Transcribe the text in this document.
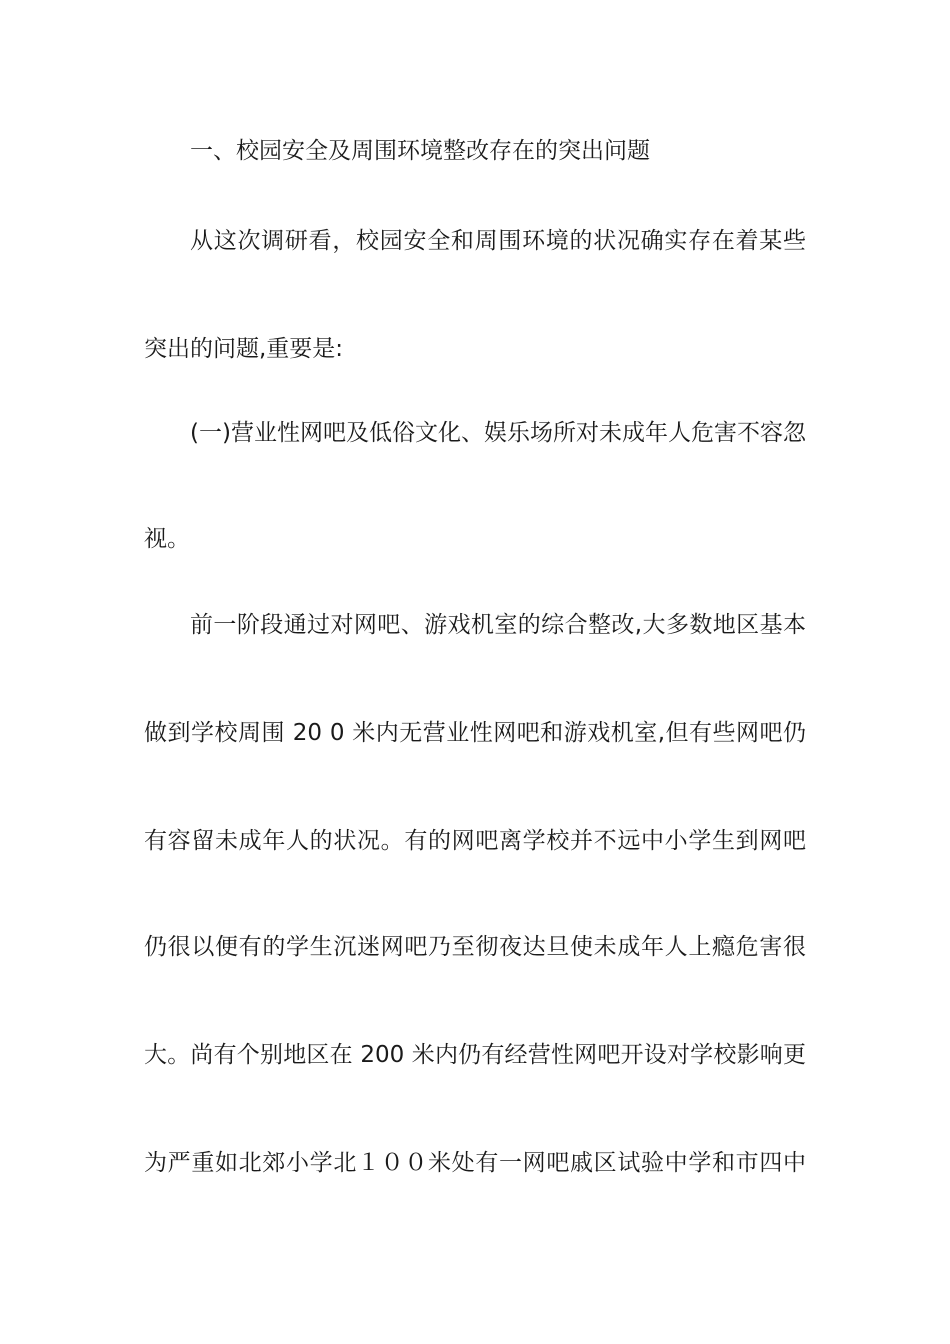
一、校园安全及周围环境整改存在的突出问题
从这次调研看，校园安全和周围环境的状况确实存在着某些
突出的问题,重要是:
(一)营业性网吧及低俗文化、娱乐场所对未成年人危害不容忽
视。
前一阶段通过对网吧、游戏机室的综合整改,大多数地区基本
做到学校周围 20 0 米内无营业性网吧和游戏机室,但有些网吧仍
有容留未成年人的状况。有的网吧离学校并不远中小学生到网吧
仍很以便有的学生沉迷网吧乃至彻夜达旦使未成年人上瘾危害很
大。尚有个别地区在 200 米内仍有经营性网吧开设对学校影响更
为严重如北郊小学北１００米处有一网吧戚区试验中学和市四中
